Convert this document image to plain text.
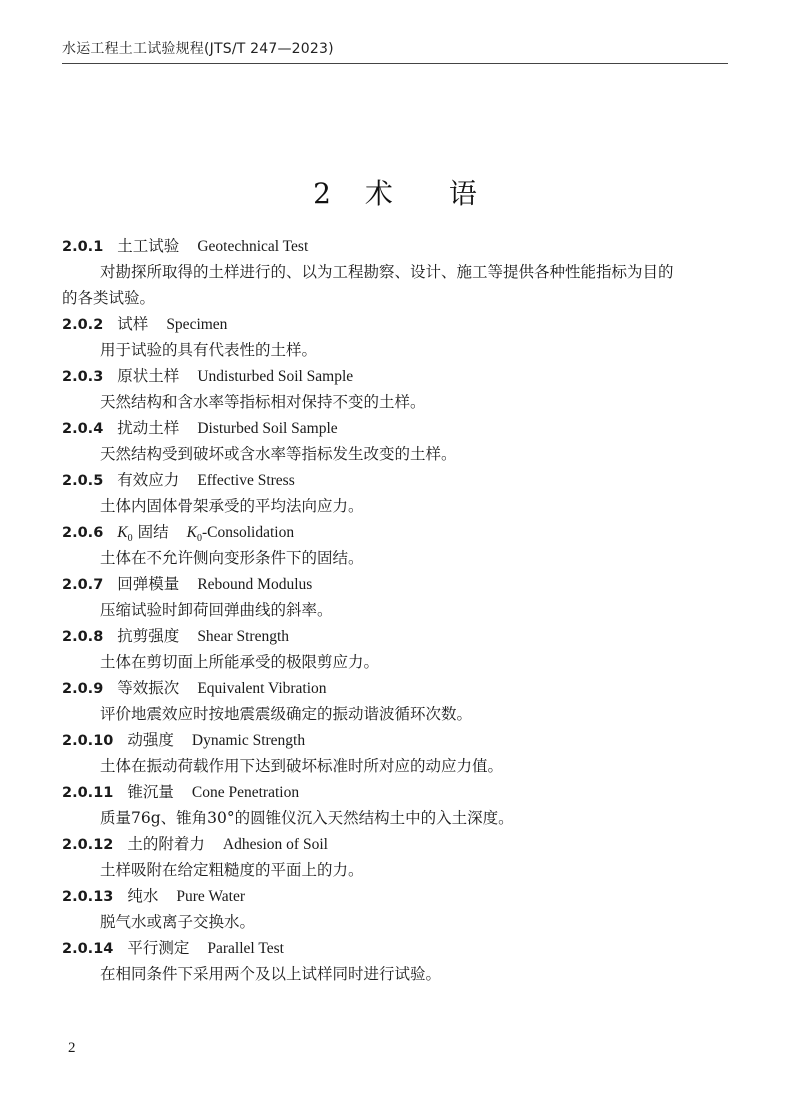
水运工程土工试验规程(JTS/T 247—2023)
2 术 语
2.0.1 土工试验 Geotechnical Test
对勘探所取得的土样进行的、以为工程勘察、设计、施工等提供各种性能指标为目的
的各类试验。
2.0.2 试样 Specimen
用于试验的具有代表性的土样。
2.0.3 原状土样 Undisturbed Soil Sample
天然结构和含水率等指标相对保持不变的土样。
2.0.4 扰动土样 Disturbed Soil Sample
天然结构受到破坏或含水率等指标发生改变的土样。
2.0.5 有效应力 Effective Stress
土体内固体骨架承受的平均法向应力。
2.0.6 $K_0$ 固结 $K_0$-Consolidation
土体在不允许侧向变形条件下的固结。
2.0.7 回弹模量 Rebound Modulus
压缩试验时卸荷回弹曲线的斜率。
2.0.8 抗剪强度 Shear Strength
土体在剪切面上所能承受的极限剪应力。
2.0.9 等效振次 Equivalent Vibration
评价地震效应时按地震震级确定的振动谐波循环次数。
2.0.10 动强度 Dynamic Strength
土体在振动荷载作用下达到破坏标准时所对应的动应力值。
2.0.11 锥沉量 Cone Penetration
质量76g、锥角30°的圆锥仪沉入天然结构土中的入土深度。
2.0.12 土的附着力 Adhesion of Soil
土样吸附在给定粗糙度的平面上的力。
2.0.13 纯水 Pure Water
脱气水或离子交换水。
2.0.14 平行测定 Parallel Test
在相同条件下采用两个及以上试样同时进行试验。
2
